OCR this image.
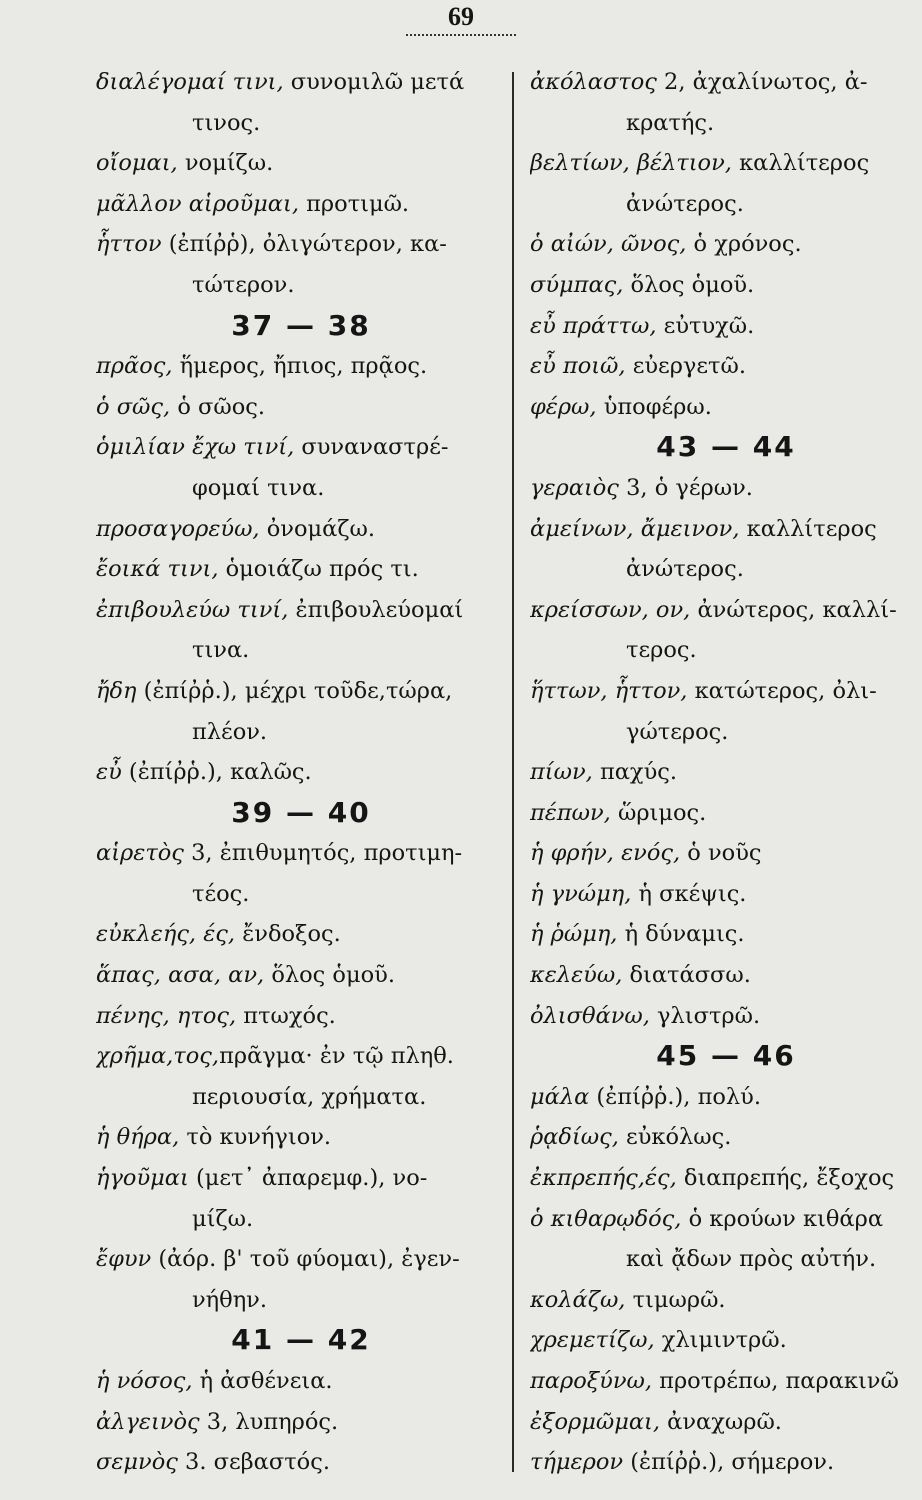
69
διαλέγομαί τινι, συνομιλῶ μετά
τινος.
οἴομαι, νομίζω.
μᾶλλον αἱροῦμαι, προτιμῶ.
ἧττον (ἐπίῤῥ), ὀλιγώτερον, κα-
τώτερον.
37 — 38
πρᾶος, ἥμερος, ἤπιος, πρᾷος.
ὁ σῶς, ὁ σῶος.
ὁμιλίαν ἔχω τινί, συναναστρέ-
φομαί τινα.
προσαγορεύω, ὀνομάζω.
ἔοικά τινι, ὁμοιάζω πρός τι.
ἐπιβουλεύω τινί, ἐπιβουλεύομαί
τινα.
ἤδη (ἐπίῤῥ.), μέχρι τοῦδε,τώρα,
πλέον.
εὖ (ἐπίῤῥ.), καλῶς.
39 — 40
αἱρετὸς 3, ἐπιθυμητός, προτιμη-
τέος.
εὐκλεής, ές, ἔνδοξος.
ἅπας, ασα, αν, ὅλος ὁμοῦ.
πένης, ητος, πτωχός.
χρῆμα,τος,πρᾶγμα· ἐν τῷ πληθ.
περιουσία, χρήματα.
ἡ θήρα, τὸ κυνήγιον.
ἡγοῦμαι (μετ᾽ ἀπαρεμφ.), νο-
μίζω.
ἔφυν (ἀόρ. β' τοῦ φύομαι), ἐγεν-
νήθην.
41 — 42
ἡ νόσος, ἡ ἀσθένεια.
ἀλγεινὸς 3, λυπηρός.
σεμνὸς 3. σεβαστός.
ἀκόλαστος 2, ἀχαλίνωτος, ἀ-
κρατής.
βελτίων, βέλτιον, καλλίτερος
ἀνώτερος.
ὁ αἰών, ῶνος, ὁ χρόνος.
σύμπας, ὅλος ὁμοῦ.
εὖ πράττω, εὐτυχῶ.
εὖ ποιῶ, εὐεργετῶ.
φέρω, ὑποφέρω.
43 — 44
γεραιὸς 3, ὁ γέρων.
ἀμείνων, ἄμεινον, καλλίτερος
ἀνώτερος.
κρείσσων, ον, ἀνώτερος, καλλί-
τερος.
ἥττων, ἧττον, κατώτερος, ὀλι-
γώτερος.
πίων, παχύς.
πέπων, ὥριμος.
ἡ φρήν, ενός, ὁ νοῦς
ἡ γνώμη, ἡ σκέψις.
ἡ ῥώμη, ἡ δύναμις.
κελεύω, διατάσσω.
ὀλισθάνω, γλιστρῶ.
45 — 46
μάλα (ἐπίῤῥ.), πολύ.
ῥᾳδίως, εὐκόλως.
ἐκπρεπής,ές, διαπρεπής, ἔξοχος
ὁ κιθαρῳδός, ὁ κρούων κιθάρα
καὶ ᾄδων πρὸς αὐτήν.
κολάζω, τιμωρῶ.
χρεμετίζω, χλιμιντρῶ.
παροξύνω, προτρέπω, παρακινῶ
ἐξορμῶμαι, ἀναχωρῶ.
τήμερον (ἐπίῤῥ.), σήμερον.
